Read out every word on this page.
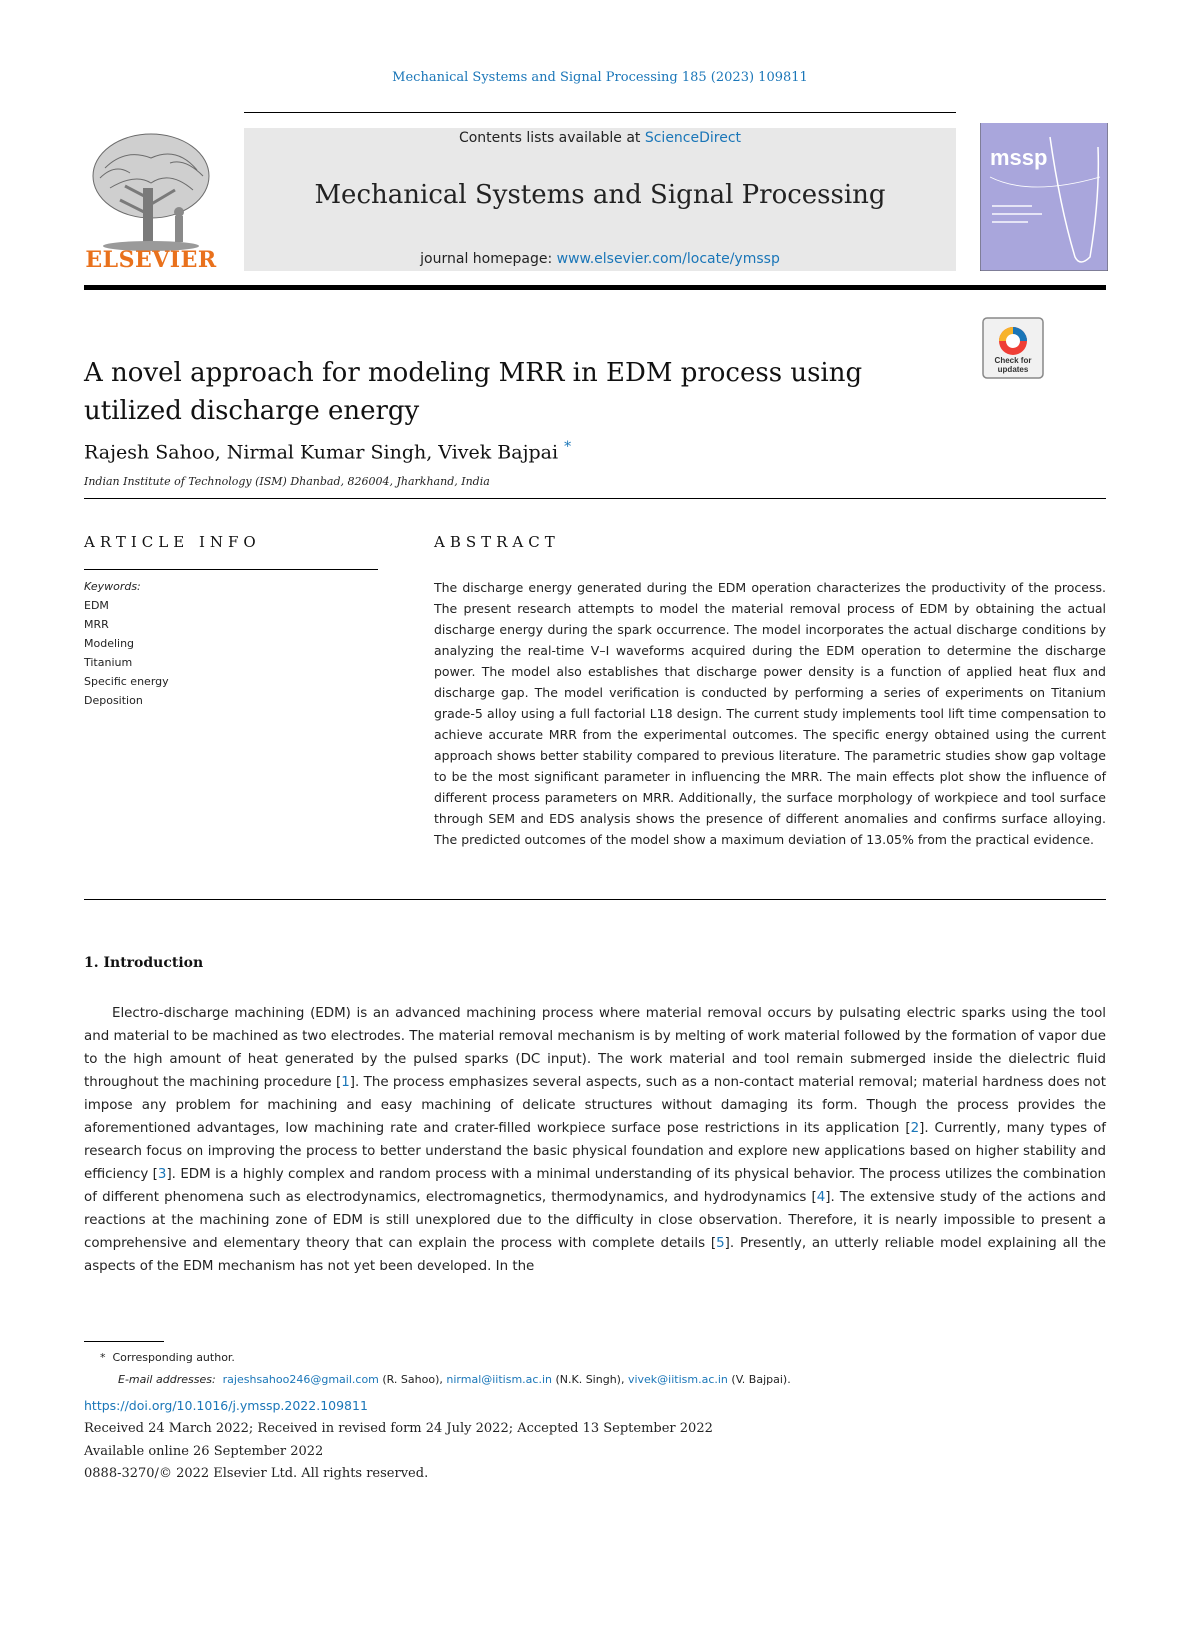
Mechanical Systems and Signal Processing 185 (2023) 109811
ELSEVIER
Contents lists available at ScienceDirect
Mechanical Systems and Signal Processing
journal homepage: www.elsevier.com/locate/ymssp
mssp
Check for
updates
A novel approach for modeling MRR in EDM process using utilized discharge energy
Rajesh Sahoo, Nirmal Kumar Singh, Vivek Bajpai *
Indian Institute of Technology (ISM) Dhanbad, 826004, Jharkhand, India
ARTICLE INFO
Keywords:
EDM
MRR
Modeling
Titanium
Specific energy
Deposition
ABSTRACT

The discharge energy generated during the EDM operation characterizes the productivity of the process. The present research attempts to model the material removal process of EDM by obtaining the actual discharge energy during the spark occurrence. The model incorporates the actual discharge conditions by analyzing the real-time V–I waveforms acquired during the EDM operation to determine the discharge power. The model also establishes that discharge power density is a function of applied heat flux and discharge gap. The model verification is conducted by performing a series of experiments on Titanium grade-5 alloy using a full factorial L18 design. The current study implements tool lift time compensation to achieve accurate MRR from the experimental outcomes. The specific energy obtained using the current approach shows better stability compared to previous literature. The parametric studies show gap voltage to be the most significant parameter in influencing the MRR. The main effects plot show the influence of different process parameters on MRR. Additionally, the surface morphology of workpiece and tool surface through SEM and EDS analysis shows the presence of different anomalies and confirms surface alloying. The predicted outcomes of the model show a maximum deviation of 13.05% from the practical evidence.

1. Introduction

Electro-discharge machining (EDM) is an advanced machining process where material removal occurs by pulsating electric sparks using the tool and material to be machined as two electrodes. The material removal mechanism is by melting of work material followed by the formation of vapor due to the high amount of heat generated by the pulsed sparks (DC input). The work material and tool remain submerged inside the dielectric fluid throughout the machining procedure [1]. The process emphasizes several aspects, such as a non-contact material removal; material hardness does not impose any problem for machining and easy machining of delicate structures without damaging its form. Though the process provides the aforementioned advantages, low machining rate and crater-filled workpiece surface pose restrictions in its application [2]. Currently, many types of research focus on improving the process to better understand the basic physical foundation and explore new applications based on higher stability and efficiency [3]. EDM is a highly complex and random process with a minimal understanding of its physical behavior. The process utilizes the combination of different phenomena such as electrodynamics, electromagnetics, thermodynamics, and hydrodynamics [4]. The extensive study of the actions and reactions at the machining zone of EDM is still unexplored due to the difficulty in close observation. Therefore, it is nearly impossible to present a comprehensive and elementary theory that can explain the process with complete details [5]. Presently, an utterly reliable model explaining all the aspects of the EDM mechanism has not yet been developed. In the

* Corresponding author.
E-mail addresses: rajeshsahoo246@gmail.com (R. Sahoo), nirmal@iitism.ac.in (N.K. Singh), vivek@iitism.ac.in (V. Bajpai).
https://doi.org/10.1016/j.ymssp.2022.109811
Received 24 March 2022; Received in revised form 24 July 2022; Accepted 13 September 2022
Available online 26 September 2022
0888-3270/© 2022 Elsevier Ltd. All rights reserved.
